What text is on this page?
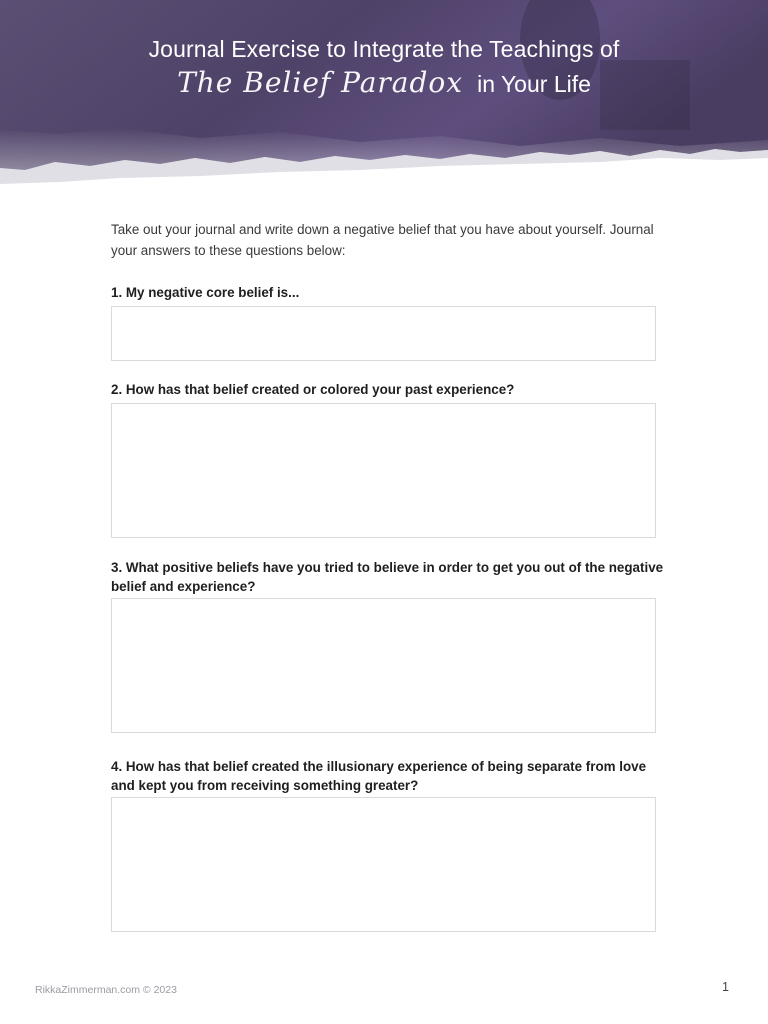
Journal Exercise to Integrate the Teachings of
The Belief Paradox in Your Life

Take out your journal and write down a negative belief that you have about yourself. Journal your answers to these questions below:

1. My negative core belief is...

2. How has that belief created or colored your past experience?

3. What positive beliefs have you tried to believe in order to get you out of the negative belief and experience?

4. How has that belief created the illusionary experience of being separate from love and kept you from receiving something greater?

RikkaZimmerman.com © 2023	1
